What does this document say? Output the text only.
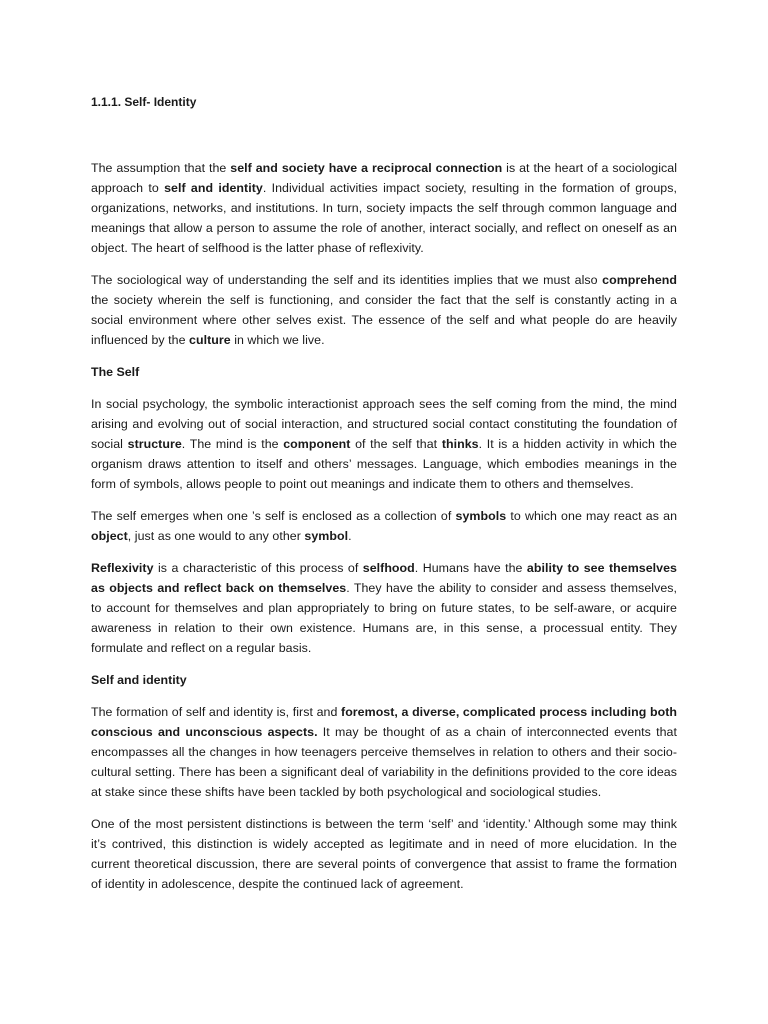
1.1.1. Self- Identity

The assumption that the self and society have a reciprocal connection is at the heart of a sociological approach to self and identity. Individual activities impact society, resulting in the formation of groups, organizations, networks, and institutions. In turn, society impacts the self through common language and meanings that allow a person to assume the role of another, interact socially, and reflect on oneself as an object. The heart of selfhood is the latter phase of reflexivity.

The sociological way of understanding the self and its identities implies that we must also comprehend the society wherein the self is functioning, and consider the fact that the self is constantly acting in a social environment where other selves exist. The essence of the self and what people do are heavily influenced by the culture in which we live.

The Self

In social psychology, the symbolic interactionist approach sees the self coming from the mind, the mind arising and evolving out of social interaction, and structured social contact constituting the foundation of social structure. The mind is the component of the self that thinks. It is a hidden activity in which the organism draws attention to itself and others’ messages. Language, which embodies meanings in the form of symbols, allows people to point out meanings and indicate them to others and themselves.

The self emerges when one ’s self is enclosed as a collection of symbols to which one may react as an object, just as one would to any other symbol.

Reflexivity is a characteristic of this process of selfhood. Humans have the ability to see themselves as objects and reflect back on themselves. They have the ability to consider and assess themselves, to account for themselves and plan appropriately to bring on future states, to be self-aware, or acquire awareness in relation to their own existence. Humans are, in this sense, a processual entity. They formulate and reflect on a regular basis.

Self and identity

The formation of self and identity is, first and foremost, a diverse, complicated process including both conscious and unconscious aspects. It may be thought of as a chain of interconnected events that encompasses all the changes in how teenagers perceive themselves in relation to others and their socio-cultural setting. There has been a significant deal of variability in the definitions provided to the core ideas at stake since these shifts have been tackled by both psychological and sociological studies.

One of the most persistent distinctions is between the term ‘self’ and ‘identity.’ Although some may think it’s contrived, this distinction is widely accepted as legitimate and in need of more elucidation. In the current theoretical discussion, there are several points of convergence that assist to frame the formation of identity in adolescence, despite the continued lack of agreement.
